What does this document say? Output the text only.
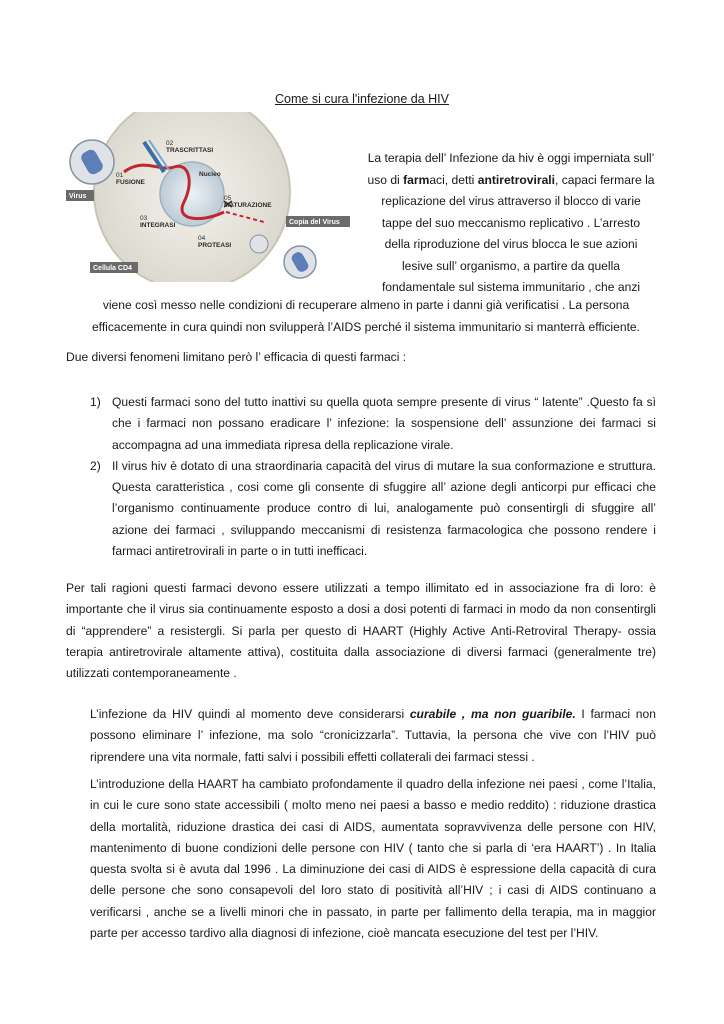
Come si cura l'infezione da HIV
01
FUSIONE
02
TRASCRITTASI
03
INTEGRASI
04
PROTEASI
05
MATURAZIONE
Nucleo
Virus
Copia del Virus
Cellula CD4

La terapia dell’ Infezione da hiv è oggi imperniata sull’

uso di farmaci, detti antiretrovirali, capaci fermare la

replicazione del virus attraverso il blocco di varie

tappe del suo meccanismo replicativo . L’arresto

della riproduzione del virus blocca le sue azioni

lesive sull’ organismo, a partire da quella

fondamentale sul sistema immunitario , che anzi

viene così messo nelle condizioni di recuperare almeno in parte i danni già verificatisi . La persona

efficacemente in cura quindi non svilupperà l’AIDS perché il sistema immunitario si manterrà efficiente.

Due diversi fenomeni limitano però l’ efficacia di questi farmaci :
1) Questi farmaci sono del tutto inattivi su quella quota sempre presente di virus “ latente” .Questo fa sì che i farmaci non possano eradicare l’ infezione: la sospensione dell’ assunzione dei farmaci si accompagna ad una immediata ripresa della replicazione virale.
2) Il virus hiv è dotato di una straordinaria capacità del virus di mutare la sua conformazione e struttura. Questa caratteristica , cosi come gli consente di sfuggire all’ azione degli anticorpi pur efficaci che l’organismo continuamente produce contro di lui, analogamente può consentirgli di sfuggire all’ azione dei farmaci , sviluppando meccanismi di resistenza farmacologica che possono rendere i farmaci antiretrovirali in parte o in tutti inefficaci.

Per tali ragioni questi farmaci devono essere utilizzati a tempo illimitato ed in associazione fra di loro: è importante che il virus sia continuamente esposto a dosi a dosi potenti di farmaci in modo da non consentirgli di “apprendere” a resistergli. Si parla per questo di HAART (Highly Active Anti-Retroviral Therapy- ossia terapia antiretrovirale altamente attiva), costituita dalla associazione di diversi farmaci (generalmente tre) utilizzati contemporaneamente .

L’infezione da HIV quindi al momento deve considerarsi curabile , ma non guaribile. I farmaci non possono eliminare l’ infezione, ma solo “cronicizzarla”. Tuttavia, la persona che vive con l’HIV può riprendere una vita normale, fatti salvi i possibili effetti collaterali dei farmaci stessi .

L’introduzione della HAART ha cambiato profondamente il quadro della infezione nei paesi , come l’Italia, in cui le cure sono state accessibili ( molto meno nei paesi a basso e medio reddito) : riduzione drastica della mortalità, riduzione drastica dei casi di AIDS, aumentata sopravvivenza delle persone con HIV, mantenimento di buone condizioni delle persone con HIV ( tanto che si parla di ‘era HAART’) . In Italia questa svolta si è avuta dal 1996 . La diminuzione dei casi di AIDS è espressione della capacità di cura delle persone che sono consapevoli del loro stato di positività all’HIV ; i casi di AIDS continuano a verificarsi , anche se a livelli minori che in passato, in parte per fallimento della terapia, ma in maggior parte per accesso tardivo alla diagnosi di infezione, cioè mancata esecuzione del test per l’HIV.
